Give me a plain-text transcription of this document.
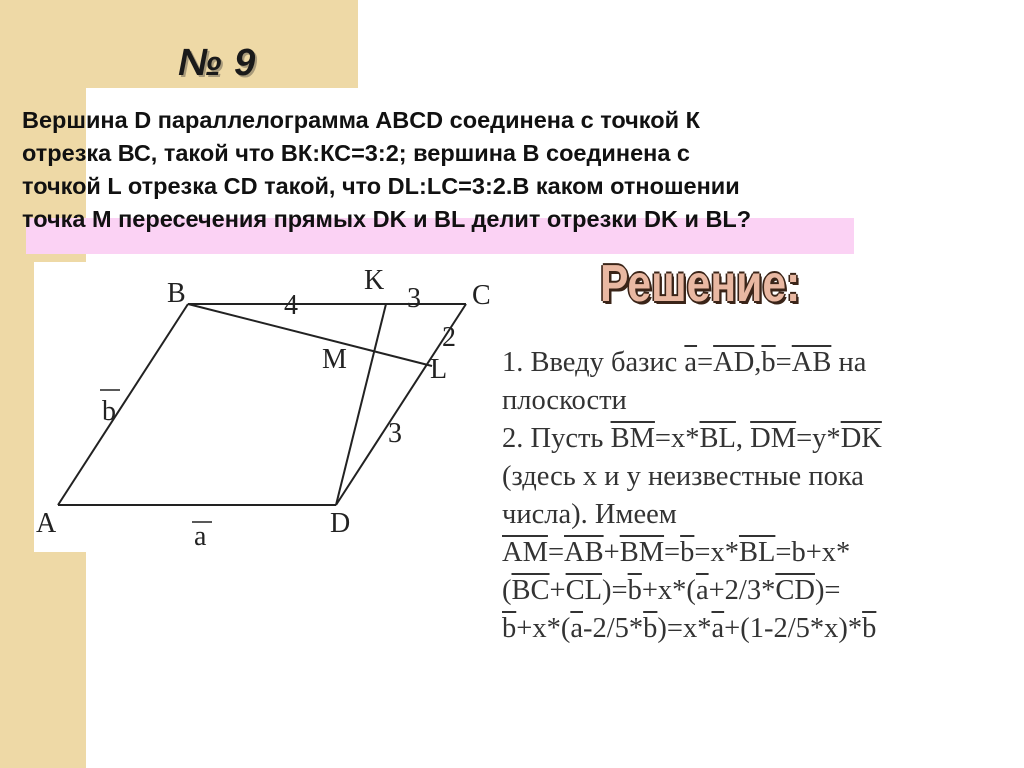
№ 9

Вершина D параллелограмма ABCD соединена с точкой К
отрезка ВС, такой что ВК:КС=3:2; вершина В соединена с
точкой L отрезка CD такой, что DL:LC=3:2.В каком отношении
точка М пересечения прямых DK и BL делит отрезки DK и BL?

B	K	C
A	D
L
M
4	3
2
3
b
a
Решение:
1. Введу базис $\overline{a}=\overline{AD},\overline{b}=\overline{AB}$ на
плоскости
2. Пусть $\overline{BM}=x*\overline{BL}$, $\overline{DM}=y*\overline{DK}$
(здесь х и у неизвестные пока
числа). Имеем
$\overline{AM}=\overline{AB}+\overline{BM}=\overline{b}=x*\overline{BL}=b+x*$
$(\overline{BC}+\overline{CL})=\overline{b}+x*(\overline{a}+2/3*\overline{CD})=$
$\overline{b}+x*(\overline{a}-2/5*\overline{b})=x*\overline{a}+(1-2/5*x)*\overline{b}$
